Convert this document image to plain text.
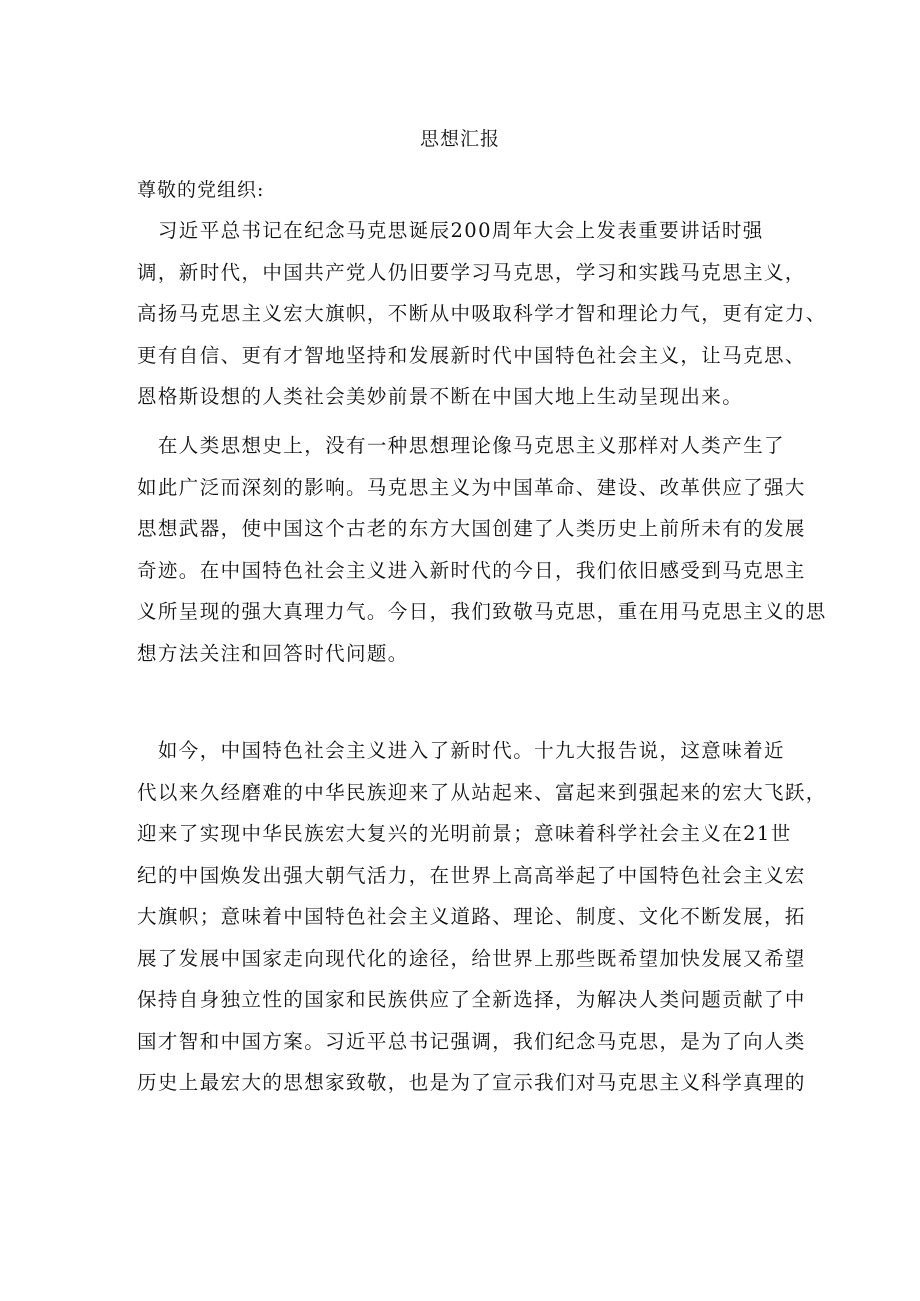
思想汇报
尊敬的党组织:
　习近平总书记在纪念马克思诞辰200周年大会上发表重要讲话时强
调，新时代，中国共产党人仍旧要学习马克思，学习和实践马克思主义，
高扬马克思主义宏大旗帜，不断从中吸取科学才智和理论力气，更有定力、
更有自信、更有才智地坚持和发展新时代中国特色社会主义，让马克思、
恩格斯设想的人类社会美妙前景不断在中国大地上生动呈现出来。
　在人类思想史上，没有一种思想理论像马克思主义那样对人类产生了
如此广泛而深刻的影响。马克思主义为中国革命、建设、改革供应了强大
思想武器，使中国这个古老的东方大国创建了人类历史上前所未有的发展
奇迹。在中国特色社会主义进入新时代的今日，我们依旧感受到马克思主
义所呈现的强大真理力气。今日，我们致敬马克思，重在用马克思主义的思
想方法关注和回答时代问题。
　如今，中国特色社会主义进入了新时代。十九大报告说，这意味着近
代以来久经磨难的中华民族迎来了从站起来、富起来到强起来的宏大飞跃，
迎来了实现中华民族宏大复兴的光明前景；意味着科学社会主义在21世
纪的中国焕发出强大朝气活力，在世界上高高举起了中国特色社会主义宏
大旗帜；意味着中国特色社会主义道路、理论、制度、文化不断发展，拓
展了发展中国家走向现代化的途径，给世界上那些既希望加快发展又希望
保持自身独立性的国家和民族供应了全新选择，为解决人类问题贡献了中
国才智和中国方案。习近平总书记强调，我们纪念马克思，是为了向人类
历史上最宏大的思想家致敬，也是为了宣示我们对马克思主义科学真理的
